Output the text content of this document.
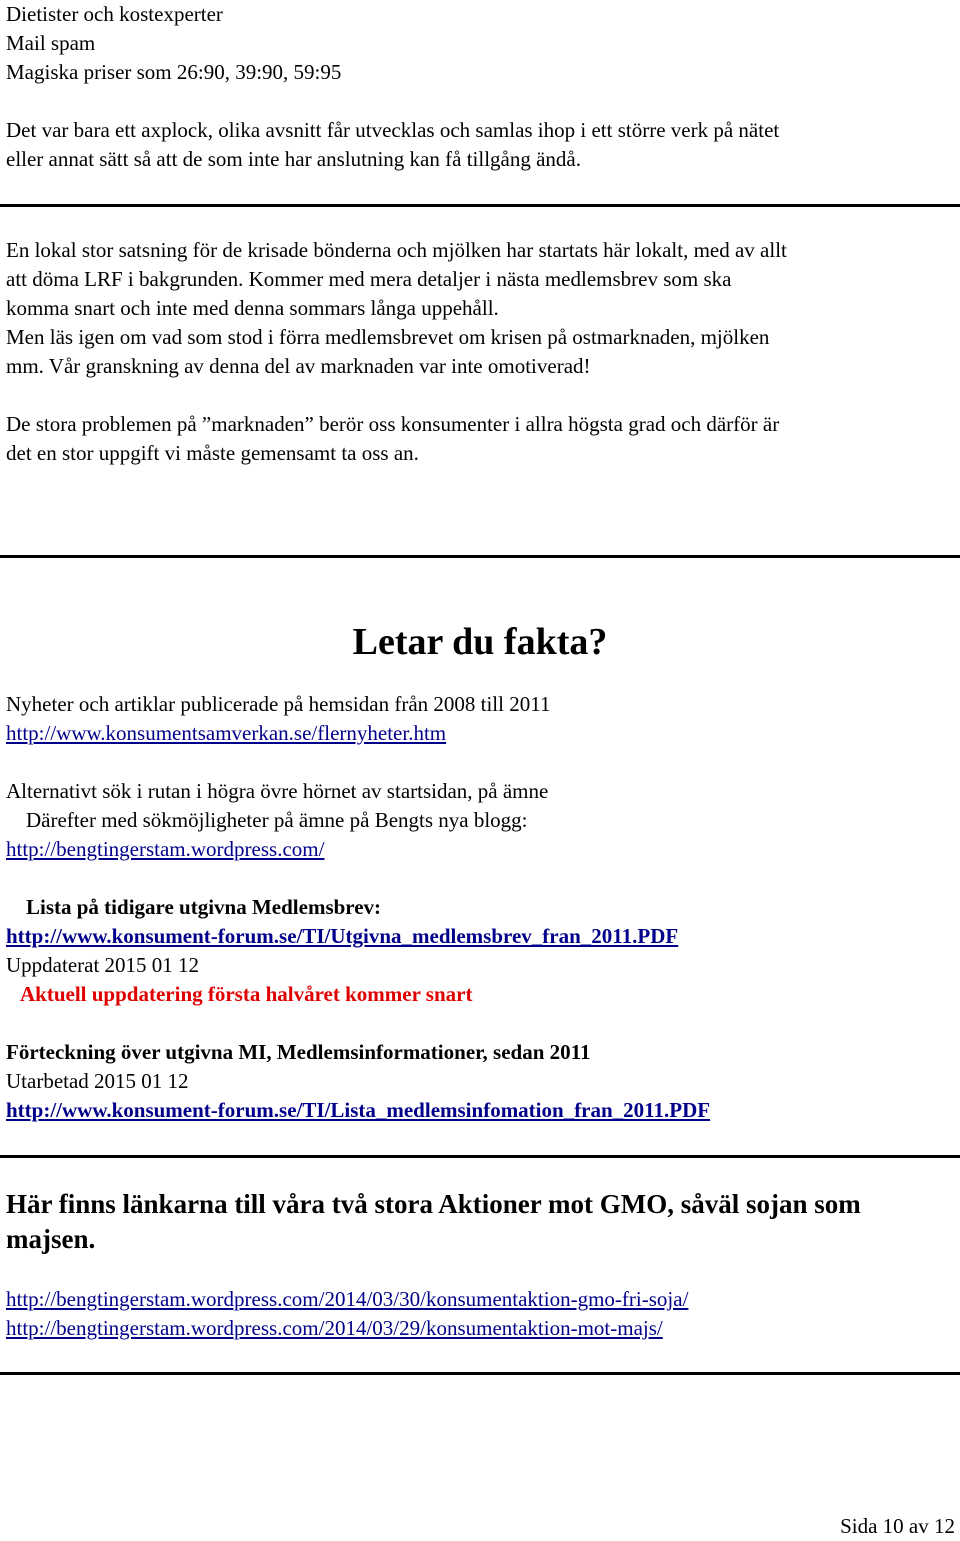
Dietister och kostexperter
Mail spam
Magiska priser som 26:90, 39:90, 59:95
Det var bara ett axplock, olika avsnitt får utvecklas och samlas ihop i ett större verk på nätet
eller annat sätt så att de som inte har anslutning kan få tillgång ändå.
En lokal stor satsning för de krisade bönderna och mjölken har startats här lokalt, med av allt
att döma LRF i bakgrunden. Kommer med mera detaljer i nästa medlemsbrev som ska
komma snart och inte med denna sommars långa uppehåll.
Men läs igen om vad som stod i förra medlemsbrevet om krisen på ostmarknaden, mjölken
mm. Vår granskning av denna del av marknaden var inte omotiverad!
De stora problemen på ”marknaden” berör oss konsumenter i allra högsta grad och därför är
det en stor uppgift vi måste gemensamt ta oss an.
Letar du fakta?
Nyheter och artiklar publicerade på hemsidan från 2008 till 2011
http://www.konsumentsamverkan.se/flernyheter.htm
Alternativt sök i rutan i högra övre hörnet av startsidan, på ämne
Därefter med sökmöjligheter på ämne på Bengts nya blogg:
http://bengtingerstam.wordpress.com/
Lista på tidigare utgivna Medlemsbrev:
http://www.konsument-forum.se/TI/Utgivna_medlemsbrev_fran_2011.PDF
Uppdaterat 2015 01 12
Aktuell uppdatering första halvåret kommer snart
Förteckning över utgivna MI, Medlemsinformationer, sedan 2011
Utarbetad 2015 01 12
http://www.konsument-forum.se/TI/Lista_medlemsinfomation_fran_2011.PDF
Här finns länkarna till våra två stora Aktioner mot GMO, såväl sojan som
majsen.
http://bengtingerstam.wordpress.com/2014/03/30/konsumentaktion-gmo-fri-soja/
http://bengtingerstam.wordpress.com/2014/03/29/konsumentaktion-mot-majs/
Sida 10 av 12
